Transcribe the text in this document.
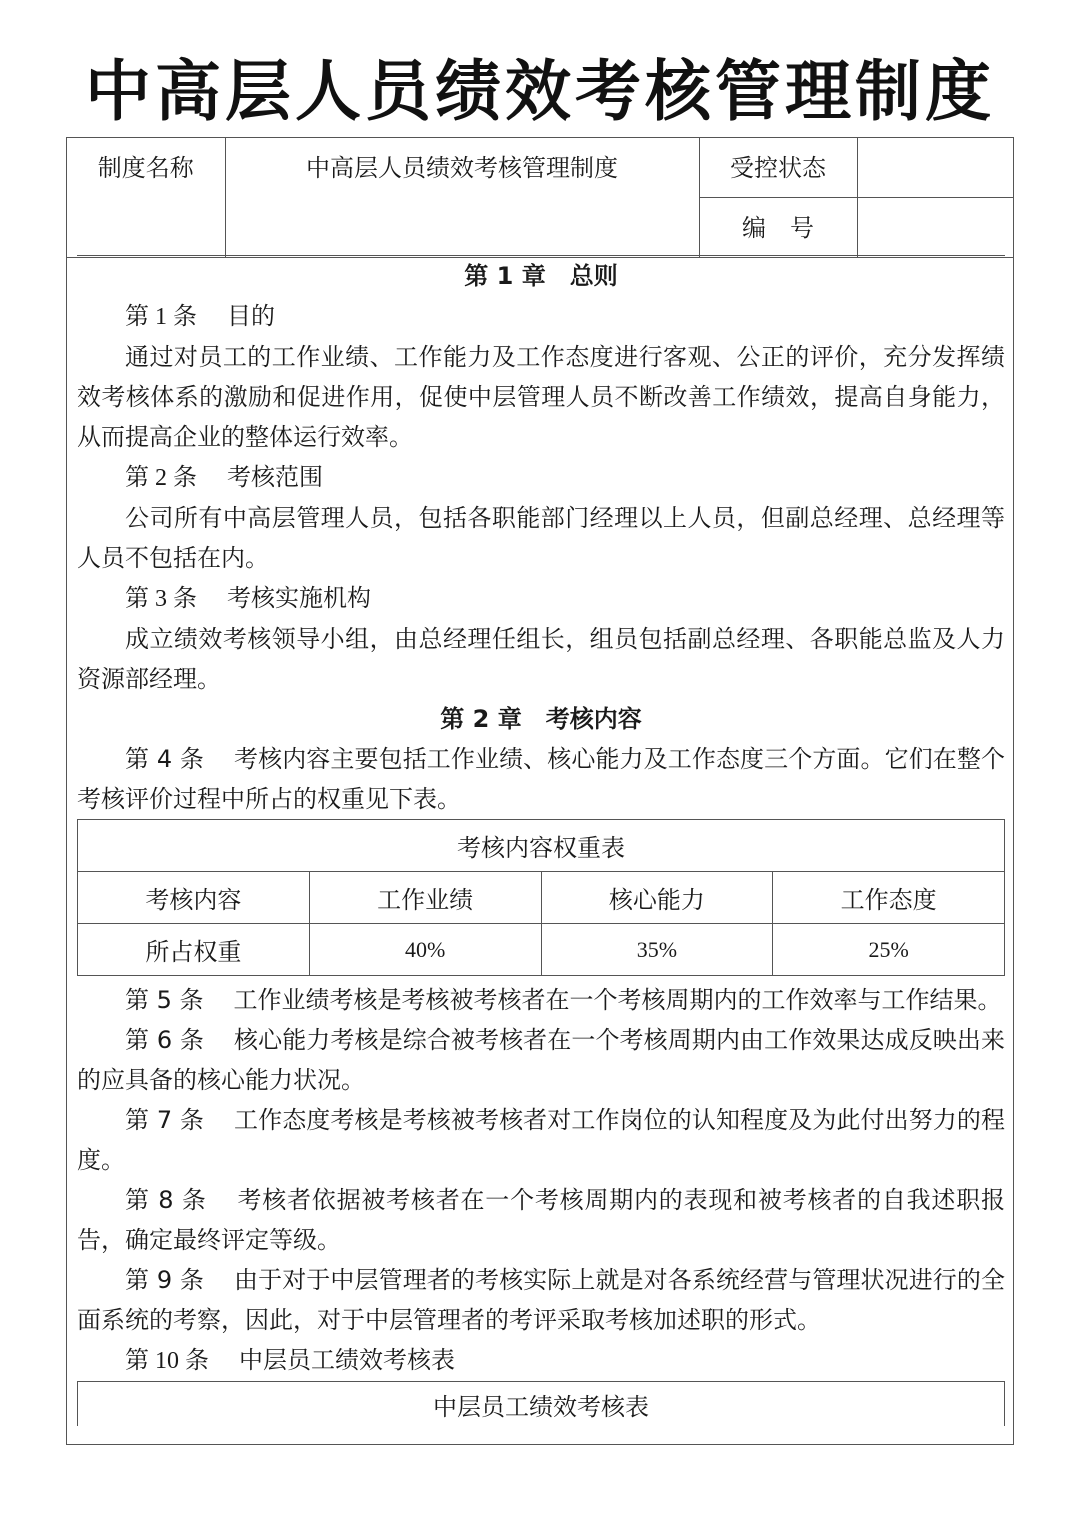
中高层人员绩效考核管理制度
制度名称	中高层人员绩效考核管理制度	受控状态	
		编　号	

第 1 章　总则

第 1 条 目的

通过对员工的工作业绩、工作能力及工作态度进行客观、公正的评价，充分发挥绩效考核体系的激励和促进作用，促使中层管理人员不断改善工作绩效，提高自身能力，从而提高企业的整体运行效率。

第 2 条 考核范围

公司所有中高层管理人员，包括各职能部门经理以上人员，但副总经理、总经理等人员不包括在内。

第 3 条 考核实施机构

成立绩效考核领导小组，由总经理任组长，组员包括副总经理、各职能总监及人力资源部经理。

第 2 章　考核内容

第 4 条 考核内容主要包括工作业绩、核心能力及工作态度三个方面。它们在整个考核评价过程中所占的权重见下表。

考核内容权重表			
考核内容	工作业绩	核心能力	工作态度
所占权重	40%	35%	25%

第 5 条 工作业绩考核是考核被考核者在一个考核周期内的工作效率与工作结果。

第 6 条 核心能力考核是综合被考核者在一个考核周期内由工作效果达成反映出来的应具备的核心能力状况。

第 7 条 工作态度考核是考核被考核者对工作岗位的认知程度及为此付出努力的程度。

第 8 条 考核者依据被考核者在一个考核周期内的表现和被考核者的自我述职报告，确定最终评定等级。

第 9 条 由于对于中层管理者的考核实际上就是对各系统经营与管理状况进行的全面系统的考察，因此，对于中层管理者的考评采取考核加述职的形式。

第 10 条 中层员工绩效考核表

中层员工绩效考核表
